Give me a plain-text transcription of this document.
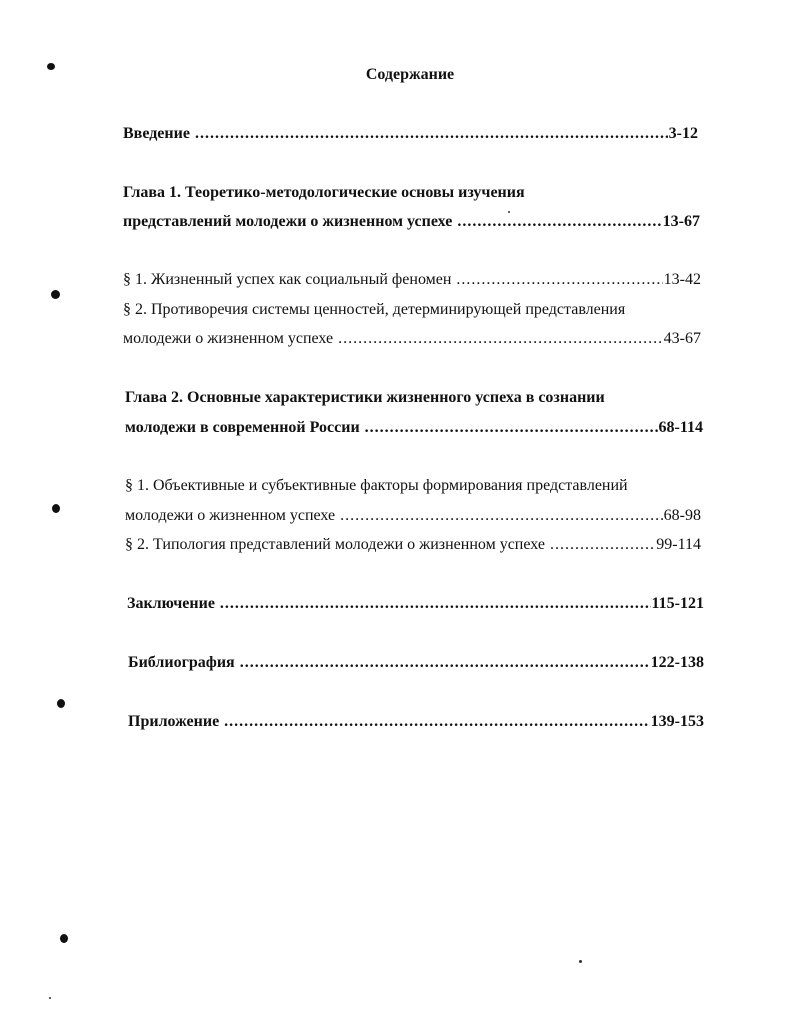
Содержание
Введение .....	3-12
Глава 1. Теоретико-методологические основы изучения
представлений молодежи о жизненном успехе .....	13-67
§ 1. Жизненный успех как социальный феномен .....	13-42
§ 2. Противоречия системы ценностей, детерминирующей представления
молодежи о жизненном успехе .....	43-67
Глава 2. Основные характеристики жизненного успеха в сознании
молодежи в современной России .....	68-114
§ 1. Объективные и субъективные факторы формирования представлений
молодежи о жизненном успехе .....	68-98
§ 2. Типология представлений молодежи о жизненном успехе .....	99-114
Заключение .....	115-121
Библиография .....	122-138
Приложение .....	139-153
